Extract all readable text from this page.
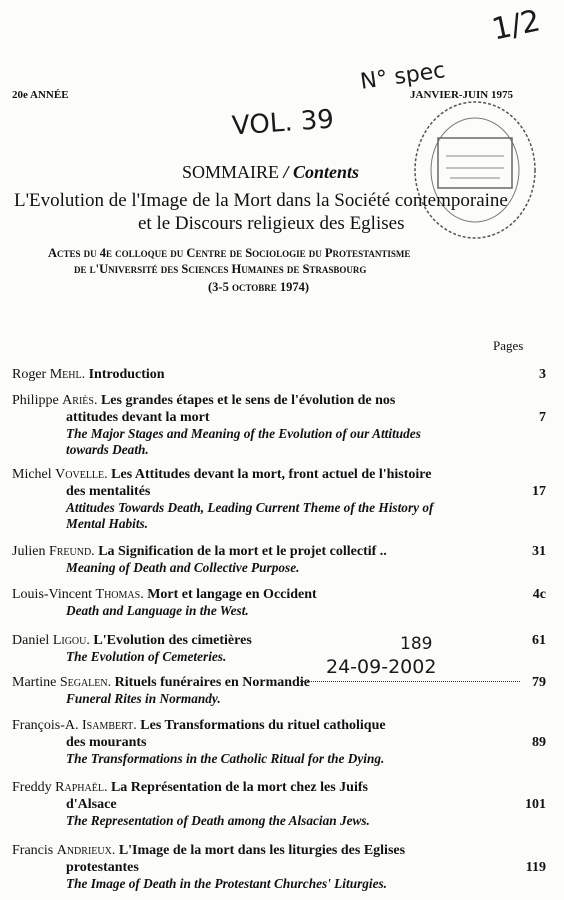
1/2
N° spec
VOL. 39
20e ANNÉE	JANVIER-JUIN 1975
SOMMAIRE / Contents
L'Evolution de l'Image de la Mort dans la Société contemporaine
et le Discours religieux des Eglises
Actes du 4e colloque du Centre de Sociologie du Protestantisme
de l'Université des Sciences Humaines de Strasbourg
(3-5 octobre 1974)
Pages
Roger Mehl. Introduction	3
Philippe Ariès. Les grandes étapes et le sens de l'évolution de nos
attitudes devant la mort	7
The Major Stages and Meaning of the Evolution of our Attitudes
towards Death.
Michel Vovelle. Les Attitudes devant la mort, front actuel de l'histoire
des mentalités	17
Attitudes Towards Death, Leading Current Theme of the History of
Mental Habits.
Julien Freund. La Signification de la mort et le projet collectif ..	31
Meaning of Death and Collective Purpose.
Louis-Vincent Thomas. Mort et langage en Occident	4c
Death and Language in the West.
Daniel Ligou. L'Evolution des cimetières	61
The Evolution of Cemeteries.
Martine Segalen. Rituels funéraires en Normandie	79
Funeral Rites in Normandy.
François-A. Isambert. Les Transformations du rituel catholique
des mourants	89
The Transformations in the Catholic Ritual for the Dying.
Freddy Raphaël. La Représentation de la mort chez les Juifs
d'Alsace	101
The Representation of Death among the Alsacian Jews.
Francis Andrieux. L'Image de la mort dans les liturgies des Eglises
protestantes	119
The Image of Death in the Protestant Churches' Liturgies.
189
24-09-2002
